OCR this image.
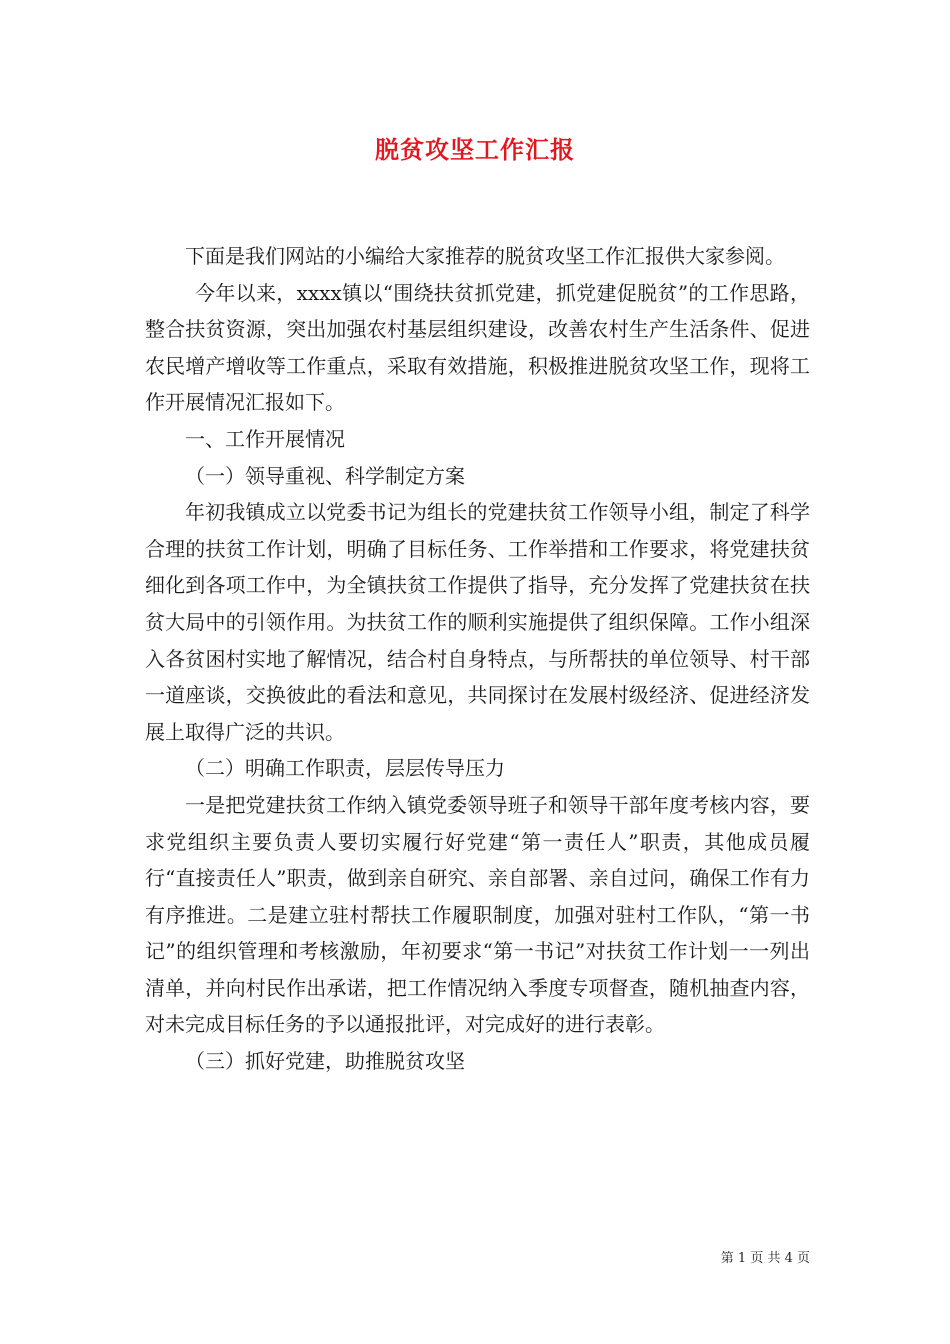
脱贫攻坚工作汇报

下面是我们网站的小编给大家推荐的脱贫攻坚工作汇报供大家参阅。

今年以来，xxxx镇以“围绕扶贫抓党建，抓党建促脱贫”的工作思路，整合扶贫资源，突出加强农村基层组织建设，改善农村生产生活条件、促进农民增产增收等工作重点，采取有效措施，积极推进脱贫攻坚工作，现将工作开展情况汇报如下。

一、工作开展情况

（一）领导重视、科学制定方案

年初我镇成立以党委书记为组长的党建扶贫工作领导小组，制定了科学合理的扶贫工作计划，明确了目标任务、工作举措和工作要求，将党建扶贫细化到各项工作中，为全镇扶贫工作提供了指导，充分发挥了党建扶贫在扶贫大局中的引领作用。为扶贫工作的顺利实施提供了组织保障。工作小组深入各贫困村实地了解情况，结合村自身特点，与所帮扶的单位领导、村干部一道座谈，交换彼此的看法和意见，共同探讨在发展村级经济、促进经济发展上取得广泛的共识。

（二）明确工作职责，层层传导压力

一是把党建扶贫工作纳入镇党委领导班子和领导干部年度考核内容，要求党组织主要负责人要切实履行好党建“第一责任人”职责，其他成员履行“直接责任人”职责，做到亲自研究、亲自部署、亲自过问，确保工作有力有序推进。二是建立驻村帮扶工作履职制度，加强对驻村工作队，“第一书记”的组织管理和考核激励，年初要求“第一书记”对扶贫工作计划一一列出清单，并向村民作出承诺，把工作情况纳入季度专项督查，随机抽查内容，对未完成目标任务的予以通报批评，对完成好的进行表彰。

（三）抓好党建，助推脱贫攻坚

第 1 页 共 4 页
